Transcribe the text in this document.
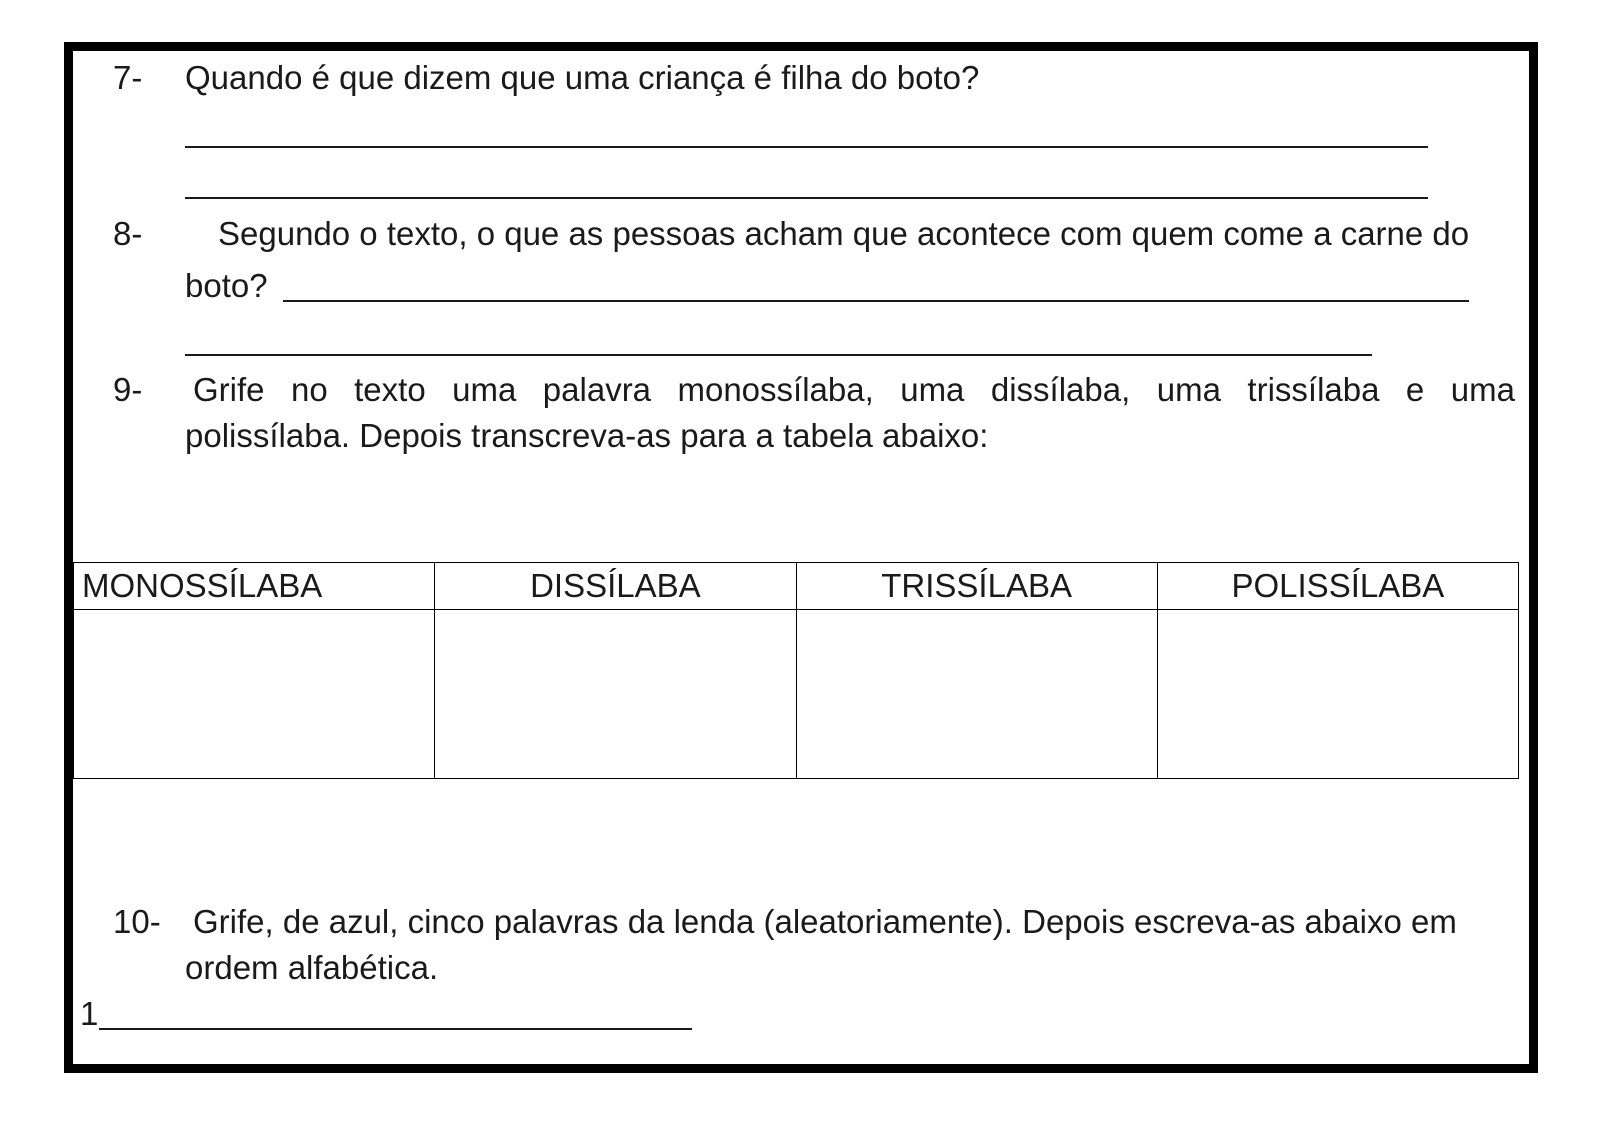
7- Quando é que dizem que uma criança é filha do boto?
8- Segundo o texto, o que as pessoas acham que acontece com quem come a carne do
boto?
9- Grife no texto uma palavra monossílaba, uma dissílaba, uma trissílaba e uma
polissílaba. Depois transcreva-as para a tabela abaixo:
MONOSSÍLABA	DISSÍLABA	TRISSÍLABA	POLISSÍLABA

10- Grife, de azul, cinco palavras da lenda (aleatoriamente). Depois escreva-as abaixo em
ordem alfabética.
1
